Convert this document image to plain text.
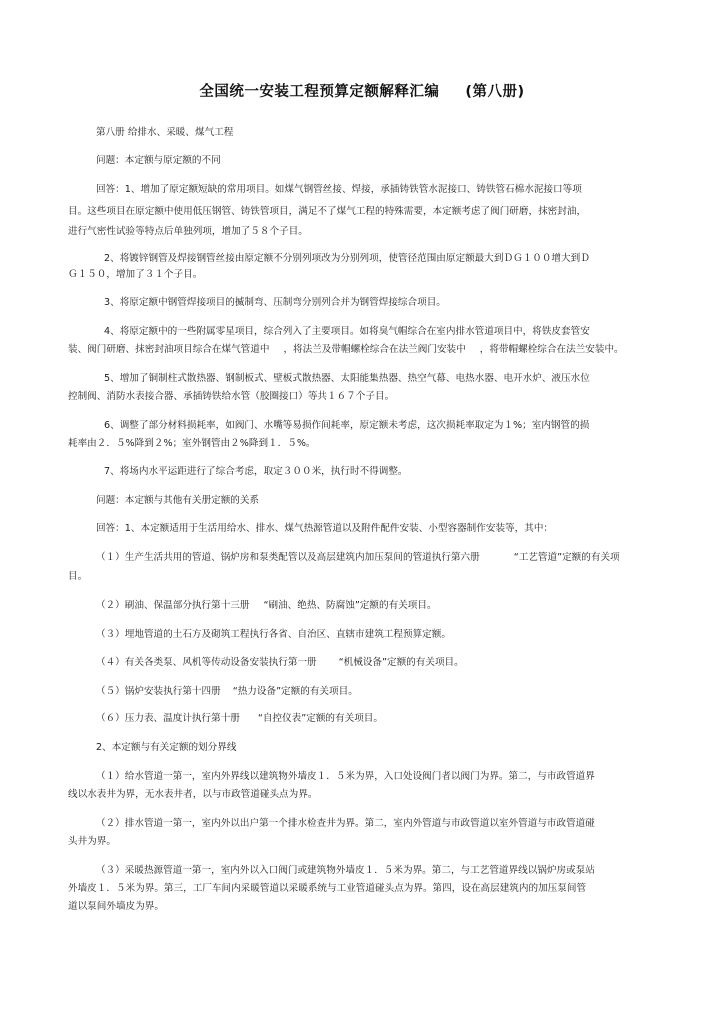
全国统一安装工程预算定额解释汇编 (第八册)
第八册 给排水、采暖、煤气工程
问题：本定额与原定额的不同
回答：1、增加了原定额短缺的常用项目。如煤气钢管丝接、焊接，承插铸铁管水泥接口、铸铁管石棉水泥接口等项
目。这些项目在原定额中使用低压钢管、铸铁管项目，满足不了煤气工程的特殊需要，本定额考虑了阀门研磨，抹密封油，
进行气密性试验等特点后单独列项，增加了５８个子目。
2、将镀锌钢管及焊接钢管丝接由原定额不分别列项改为分别列项，使管径范围由原定额最大到ＤＧ１００增大到Ｄ
Ｇ１５０，增加了３１个子目。
3、将原定额中钢管焊接项目的揻制弯、压制弯分别列合并为钢管焊接综合项目。
4、将原定额中的一些附属零星项目，综合列入了主要项目。如将臭气帽综合在室内排水管道项目中，将铁皮套管安
装、阀门研磨、抹密封油项目综合在煤气管道中 ，将法兰及带帽螺栓综合在法兰阀门安装中 ，将带帽螺栓综合在法兰安装中。
5、增加了铜制柱式散热器、钢制板式、壁板式散热器、太阳能集热器、热空气幕、电热水器、电开水炉、液压水位
控制阀、消防水表接合器、承插铸铁给水管（胶圈接口）等共１６７个子目。
6、调整了部分材料损耗率，如阀门、水嘴等易损作间耗率，原定额未考虑，这次损耗率取定为１%；室内钢管的损
耗率由２．５%降到２%；室外钢管由２%降到１．５%。
7、将场内水平运距进行了综合考虑，取定３００米，执行时不得调整。
问题：本定额与其他有关册定额的关系
回答：1、本定额适用于生活用给水、排水、煤气热源管道以及附件配件安装、小型容器制作安装等，其中：
（１）生产生活共用的管道、锅炉房和泵类配管以及高层建筑内加压泵间的管道执行第六册	“工艺管道”定额的有关项
目。
（２）刷油、保温部分执行第十三册 “刷油、绝热、防腐蚀”定额的有关项目。
（３）埋地管道的土石方及砌筑工程执行各省、自治区、直辖市建筑工程预算定额。
（４）有关各类泵、风机等传动设备安装执行第一册 “机械设备”定额的有关项目。
（５）锅炉安装执行第十四册 “热力设备”定额的有关项目。
（６）压力表、温度计执行第十册 “自控仪表”定额的有关项目。
2、本定额与有关定额的划分界线
（１）给水管道一第一，室内外界线以建筑物外墙皮１．５米为界，入口处设阀门者以阀门为界。第二，与市政管道界
线以水表井为界，无水表井者，以与市政管道碰头点为界。
（２）排水管道一第一，室内外以出户第一个排水检查井为界。第二，室内外管道与市政管道以室外管道与市政管道碰
头井为界。
（３）采暖热源管道一第一，室内外以入口阀门或建筑物外墙皮１．５米为界。第二，与工艺管道界线以锅炉房或泵站
外墙皮１．５米为界。第三，工厂车间内采暖管道以采暖系统与工业管道碰头点为界。第四，设在高层建筑内的加压泵间管
道以泵间外墙皮为界。
